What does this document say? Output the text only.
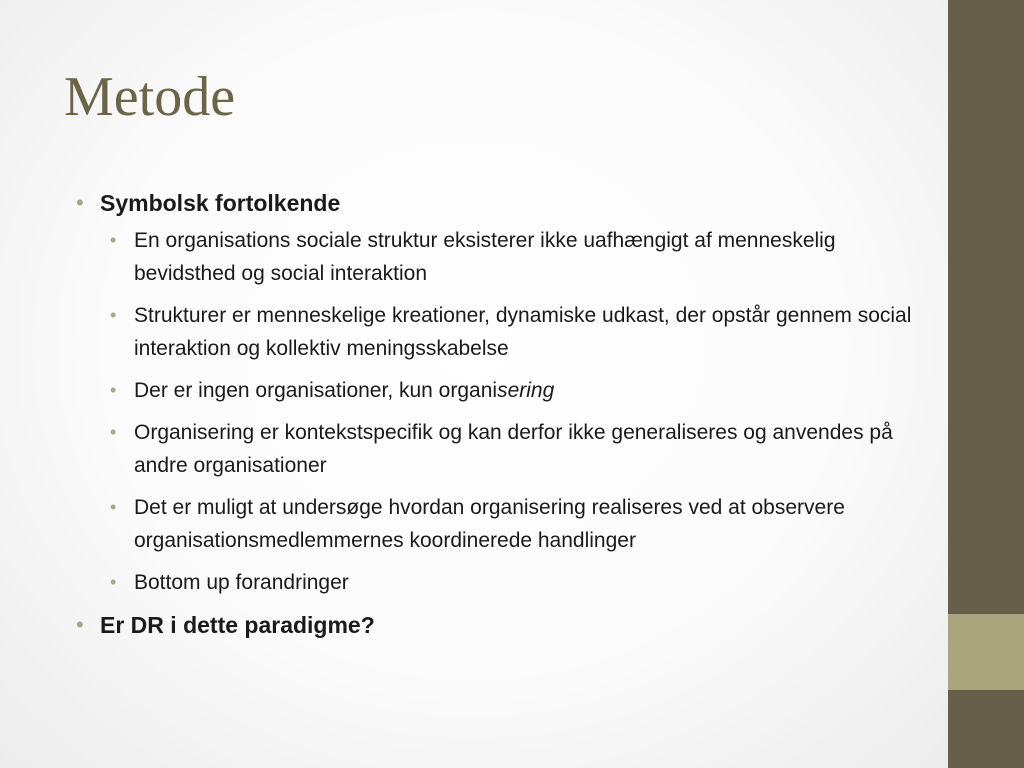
Metode
• Symbolsk fortolkende
• En organisations sociale struktur eksisterer ikke uafhængigt af menneskelig bevidsthed og social interaktion
• Strukturer er menneskelige kreationer, dynamiske udkast, der opstår gennem social interaktion og kollektiv meningsskabelse
• Der er ingen organisationer, kun organisering
• Organisering er kontekstspecifik og kan derfor ikke generaliseres og anvendes på andre organisationer
• Det er muligt at undersøge hvordan organisering realiseres ved at observere organisationsmedlemmernes koordinerede handlinger
• Bottom up forandringer
• Er DR i dette paradigme?
